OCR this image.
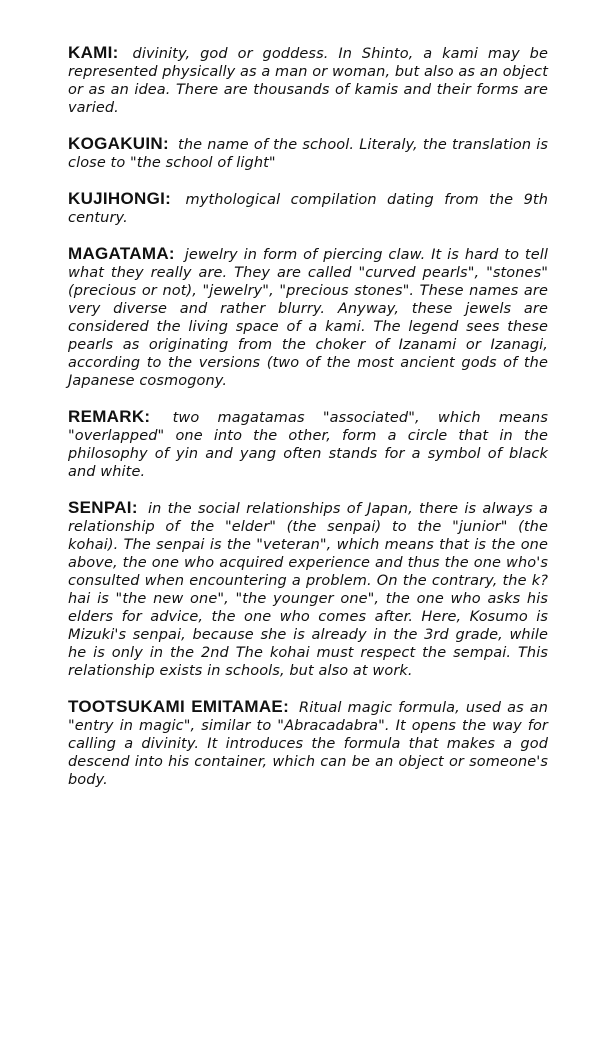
KAMI: divinity, god or goddess. In Shinto, a kami may be represented physically as a man or woman, but also as an object or as an idea. There are thousands of kamis and their forms are varied.

KOGAKUIN: the name of the school. Literaly, the translation is close to "the school of light"

KUJIHONGI: mythological compilation dating from the 9th century.

MAGATAMA: jewelry in form of piercing claw. It is hard to tell what they really are. They are called "curved pearls", "stones" (precious or not), "jewelry", "precious stones". These names are very diverse and rather blurry. Anyway, these jewels are considered the living space of a kami. The legend sees these pearls as originating from the choker of Izanami or Izanagi, according to the versions (two of the most ancient gods of the Japanese cosmogony.

REMARK: two magatamas "associated", which means "overlapped" one into the other, form a circle that in the philosophy of yin and yang often stands for a symbol of black and white.

SENPAI: in the social relationships of Japan, there is always a relationship of the "elder" (the senpai) to the "junior" (the kohai). The senpai is the "veteran", which means that is the one above, the one who acquired experience and thus the one who's consulted when encountering a problem. On the contrary, the k?hai is "the new one", "the younger one", the one who asks his elders for advice, the one who comes after. Here, Kosumo is Mizuki's senpai, because she is already in the 3rd grade, while he is only in the 2nd The kohai must respect the sempai. This relationship exists in schools, but also at work.

TOOTSUKAMI EMITAMAE: Ritual magic formula, used as an "entry in magic", similar to "Abracadabra". It opens the way for calling a divinity. It introduces the formula that makes a god descend into his container, which can be an object or someone's body.
